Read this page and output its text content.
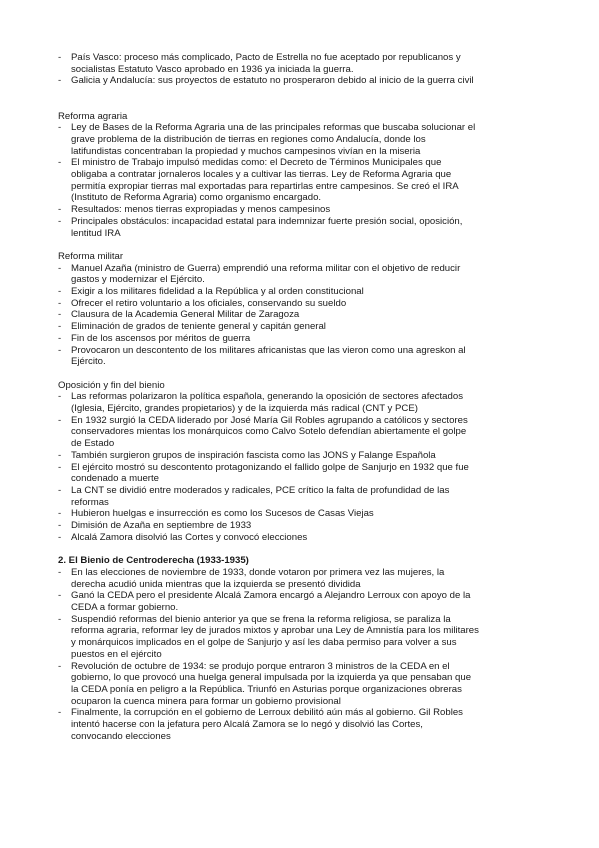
- País Vasco: proceso más complicado, Pacto de Estrella no fue aceptado por republicanos y
socialistas Estatuto Vasco aprobado en 1936 ya iniciada la guerra.
- Galicia y Andalucía: sus proyectos de estatuto no prosperaron debido al inicio de la guerra civil
Reforma agraria
- Ley de Bases de la Reforma Agraria una de las principales reformas que buscaba solucionar el
grave problema de la distribución de tierras en regiones como Andalucía, donde los
latifundistas concentraban la propiedad y muchos campesinos vivían en la miseria
- El ministro de Trabajo impulsó medidas como: el Decreto de Términos Municipales que
obligaba a contratar jornaleros locales y a cultivar las tierras. Ley de Reforma Agraria que
permitía expropiar tierras mal exportadas para repartirlas entre campesinos. Se creó el IRA
(Instituto de Reforma Agraria) como organismo encargado.
- Resultados: menos tierras expropiadas y menos campesinos
- Principales obstáculos: incapacidad estatal para indemnizar fuerte presión social, oposición,
lentitud IRA
Reforma militar
- Manuel Azaña (ministro de Guerra) emprendió una reforma militar con el objetivo de reducir
gastos y modernizar el Ejército.
- Exigir a los militares fidelidad a la República y al orden constitucional
- Ofrecer el retiro voluntario a los oficiales, conservando su sueldo
- Clausura de la Academia General Militar de Zaragoza
- Eliminación de grados de teniente general y capitán general
- Fin de los ascensos por méritos de guerra
- Provocaron un descontento de los militares africanistas que las vieron como una agreskon al
Ejército.
Oposición y fin del bienio
- Las reformas polarizaron la política española, generando la oposición de sectores afectados
(Iglesia, Ejército, grandes propietarios) y de la izquierda más radical (CNT y PCE)
- En 1932 surgió la CEDA liderado por José María Gil Robles agrupando a católicos y sectores
conservadores mientas los monárquicos como Calvo Sotelo defendían abiertamente el golpe
de Estado
- También surgieron grupos de inspiración fascista como las JONS y Falange Española
- El ejército mostró su descontento protagonizando el fallido golpe de Sanjurjo en 1932 que fue
condenado a muerte
- La CNT se dividió entre moderados y radicales, PCE crítico la falta de profundidad de las
reformas
- Hubieron huelgas e insurrección es como los Sucesos de Casas Viejas
- Dimisión de Azaña en septiembre de 1933
- Alcalá Zamora disolvió las Cortes y convocó elecciones
2. El Bienio de Centroderecha (1933-1935)
- En las elecciones de noviembre de 1933, donde votaron por primera vez las mujeres, la
derecha acudió unida mientras que la izquierda se presentó dividida
- Ganó la CEDA pero el presidente Alcalá Zamora encargó a Alejandro Lerroux con apoyo de la
CEDA a formar gobierno.
- Suspendió reformas del bienio anterior ya que se frena la reforma religiosa, se paraliza la
reforma agraria, reformar ley de jurados mixtos y aprobar una Ley de Amnistía para los militares
y monárquicos implicados en el golpe de Sanjurjo y así les daba permiso para volver a sus
puestos en el ejército
- Revolución de octubre de 1934: se produjo porque entraron 3 ministros de la CEDA en el
gobierno, lo que provocó una huelga general impulsada por la izquierda ya que pensaban que
la CEDA ponía en peligro a la República. Triunfó en Asturias porque organizaciones obreras
ocuparon la cuenca minera para formar un gobierno provisional
- Finalmente, la corrupción en el gobierno de Lerroux debilitó aún más al gobierno. Gil Robles
intentó hacerse con la jefatura pero Alcalá Zamora se lo negó y disolvió las Cortes,
convocando elecciones
